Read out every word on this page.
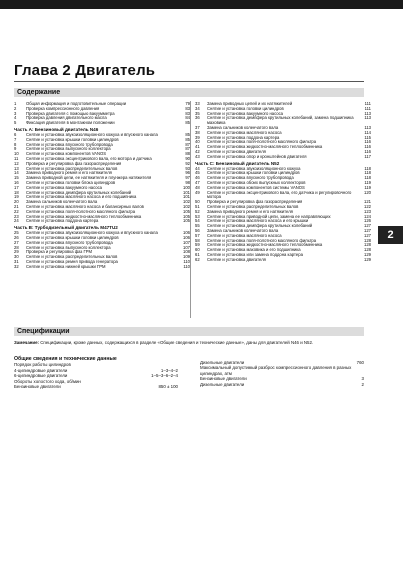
2
Глава 2 Двигатель
Содержание
1	Общая информация и подготовительные операции	79
2	Проверка компрессионного давления	83
3	Проверка двигателя с помощью вакуумметра	83
4	Проверка давления двигательного масла	84
5	Фиксация двигателя в монтажном положении	85
Часть A: Бензиновый двигатель N46
6	Снятие и установка звукоизоляционного кожуха и впускного канала	85
7	Снятие и установка крышки головки цилиндров	85
8	Снятие и установка впускного трубопровода	87
9	Снятие и установка выпускного коллектора	87
10	Снятие и установка компонентов VANOS	88
11	Снятие и установка эксцентрикового вала, его мотора и датчика	90
12	Проверка и регулировка фаз газораспределения	92
13	Снятие и установка распределительных валов	93
14	Замена приводного ремня и его натяжителя	96
15	Замена приводной цепи, ее натяжителя и плунжера натяжителя	97
16	Снятие и установка головки блока цилиндров	98
17	Снятие и установка вакуумного насоса	100
18	Снятие и установка демпфера крутильных колебаний	101
19	Снятие и установка масляного насоса и его подшипника	101
20	Замена сальников коленчатого вала	102
21	Снятие и установка масляного насоса и балансирных валов	102
22	Снятие и установка поля-полотного масляного фильтра	105
23	Снятие и установка жидкостно-масляного теплообменника	105
24	Снятие и установка поддона картера	105
Часть B: Турбодизельный двигатель M47TU2
25	Снятие и установка звукоизоляционного кожуха и впускного канала	106
26	Снятие и установка крышки головки цилиндров	106
27	Снятие и установка впускного трубопровода	107
28	Снятие и установка выпускного коллектора	107
29	Проверка и регулировка фаз ГРМ	108
30	Снятие и установка распределительных валов	109
31	Снятие и установка ремня привода генератора	110
32	Снятие и установка нижней крышки ГРМ	110
33	Замена приводных цепей и их натяжителей	111
34	Снятие и установка головки цилиндров	111
35	Снятие и установка вакуумного насоса	113
36	Снятие и установка демпфера крутильных колебаний, замена подшипника маховика
113
37	Замена сальников коленчатого вала	113
38	Снятие и установка масляного насоса	114
39	Снятие и установка поддона картера	115
40	Снятие и установка поля-полотного масляного фильтра	116
41	Снятие и установка жидкостно-масляного теплообменника	116
42	Снятие и установка двигателя	116
43	Снятие и установка опор и кронштейнов двигателя	117
Часть C: Бензиновый двигатель N52
44	Снятие и установка звукоизоляционного кожуха	118
45	Снятие и установка крышки головки цилиндров	118
46	Снятие и установка впускного трубопровода	118
47	Снятие и установка обоих выпускных коллекторов	119
48	Снятие и установка компонентов системы VANOS	119
49	Снятие и установка эксцентрикового вала, его датчика и регулировочного мотора
120
50	Проверка и регулировка фаз газораспределения	121
51	Снятие и установка распределительных валов	122
52	Замена приводного ремня и его натяжителя	123
53	Снятие и установка приводной цепи, замена ее направляющих	124
54	Снятие и установка масляного насоса и его крышки	126
55	Снятие и установка демпфера крутильных колебаний	127
56	Замена сальников коленчатого вала	127
57	Снятие и установка масляного насоса	127
58	Снятие и установка поля-полотного масляного фильтра	128
59	Снятие и установка жидкостно-масляного теплообменника	128
60	Снятие и установка маховика и его подшипника	128
61	Снятие и установка или замена поддона картера	129
62	Снятие и установка двигателя	129
Спецификации
Замечание: Спецификации, кроме данных, содержащихся в разделе «Общие сведения и технические данные», даны для двигателей N46 и N52.
Общие сведения и технические данные
Порядок работы цилиндров
4-цилиндровые двигатели	1–3–4–2
6-цилиндровые двигатели	1–5–3–6–2–4
Обороты холостого хода, об/мин
Бензиновые двигатели	850 ± 100
Дизельные двигатели	760
Максимальный допустимый разброс компрессионного давления в разных цилиндрах, атм
Бензиновые двигатели	3
Дизельные двигатели	2
